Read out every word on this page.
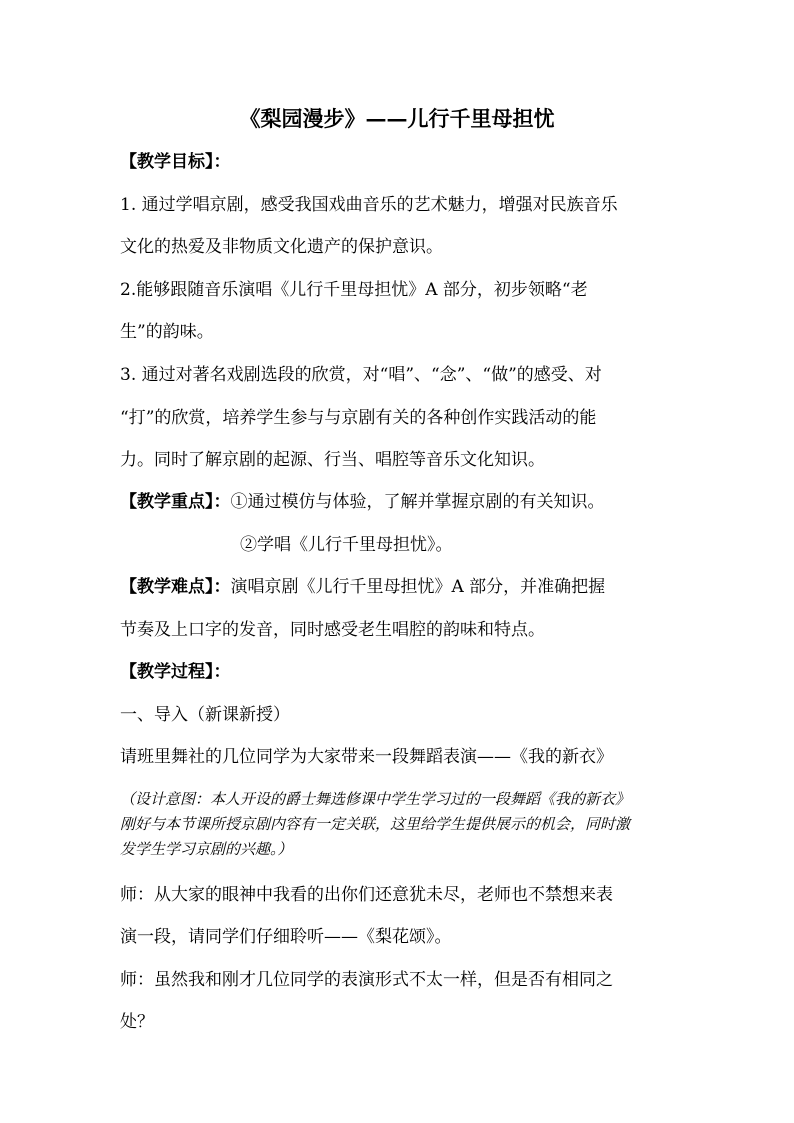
《梨园漫步》——儿行千里母担忧
【教学目标】：
1. 通过学唱京剧，感受我国戏曲音乐的艺术魅力，增强对民族音乐
文化的热爱及非物质文化遗产的保护意识。
2.能够跟随音乐演唱《儿行千里母担忧》A 部分，初步领略“老
生”的韵味。
3. 通过对著名戏剧选段的欣赏，对“唱”、“念”、“做”的感受、对
“打”的欣赏，培养学生参与与京剧有关的各种创作实践活动的能
力。同时了解京剧的起源、行当、唱腔等音乐文化知识。
【教学重点】：①通过模仿与体验，了解并掌握京剧的有关知识。
②学唱《儿行千里母担忧》。
【教学难点】：演唱京剧《儿行千里母担忧》A 部分，并准确把握
节奏及上口字的发音，同时感受老生唱腔的韵味和特点。
【教学过程】：
一、导入（新课新授）
请班里舞社的几位同学为大家带来一段舞蹈表演——《我的新衣》
（设计意图：本人开设的爵士舞选修课中学生学习过的一段舞蹈《我的新衣》
刚好与本节课所授京剧内容有一定关联，这里给学生提供展示的机会，同时激
发学生学习京剧的兴趣。）
师：从大家的眼神中我看的出你们还意犹未尽，老师也不禁想来表
演一段，请同学们仔细聆听——《梨花颂》。
师：虽然我和刚才几位同学的表演形式不太一样，但是否有相同之
处？
